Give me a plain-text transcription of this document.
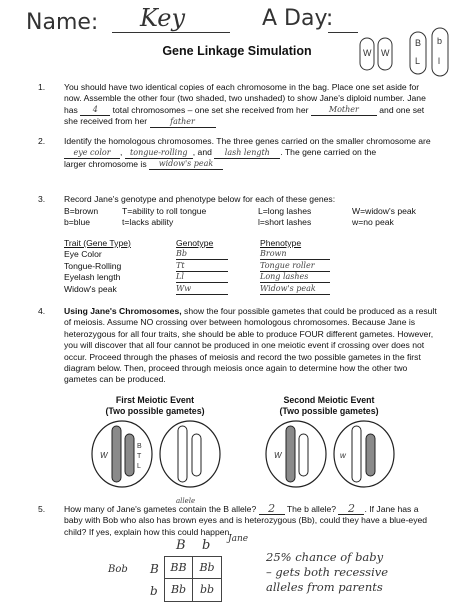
Name: Key	A Day:
W W
B
L
b
l
Gene Linkage Simulation
1. You should have two identical copies of each chromosome in the bag. Place one set aside for
now. Assemble the other four (two shaded, two unshaded) to show Jane's diploid number. Jane
has 4 total chromosomes – one set she received from her	Mother and one set
she received from her	father
2. Identify the homologous chromosomes. The three genes carried on the smaller chromosome are
eye color , tongue-rolling , and lash length . The gene carried on the
larger chromosome is widow's peak
3. Record Jane's genotype and phenotype below for each of these genes:
B=brown	T=ability to roll tongue	L=long lashes	W=widow's peak
b=blue	t=lacks ability	l=short lashes	w=no peak
Trait (Gene Type)	Genotype	Phenotype
Eye Color	Bb	Brown
Tongue-Rolling	Tt	Tongue roller
Eyelash length	Ll	Long lashes
Widow's peak	Ww	Widow's peak
4. Using Jane's Chromosomes, show the four possible gametes that could be produced as a result
of meiosis. Assume NO crossing over between homologous chromosomes. Because Jane is
heterozygous for all four traits, she should be able to produce FOUR different gametes. However,
you will discover that all four cannot be produced in one meiotic event if crossing over does not
occur. Proceed through the phases of meiosis and record the two possible gametes in the first
diagram below. Then, proceed through meiosis once again to determine how the other two
gametes can be produced.
First Meiotic Event
(Two possible gametes)
Second Meiotic Event
(Two possible gametes)
W
B
T
L
W	w
allele
5. How many of Jane's gametes contain the B allele? 2 The b allele? 2 . If Jane has a
baby with Bob who also has brown eyes and is heterozygous (Bb), could they have a blue-eyed
child? If yes, explain how this could happen.
Jane
Bob
B b
B
b
BB	Bb
Bb	bb
25% chance of baby
– gets both recessive
alleles from parents
